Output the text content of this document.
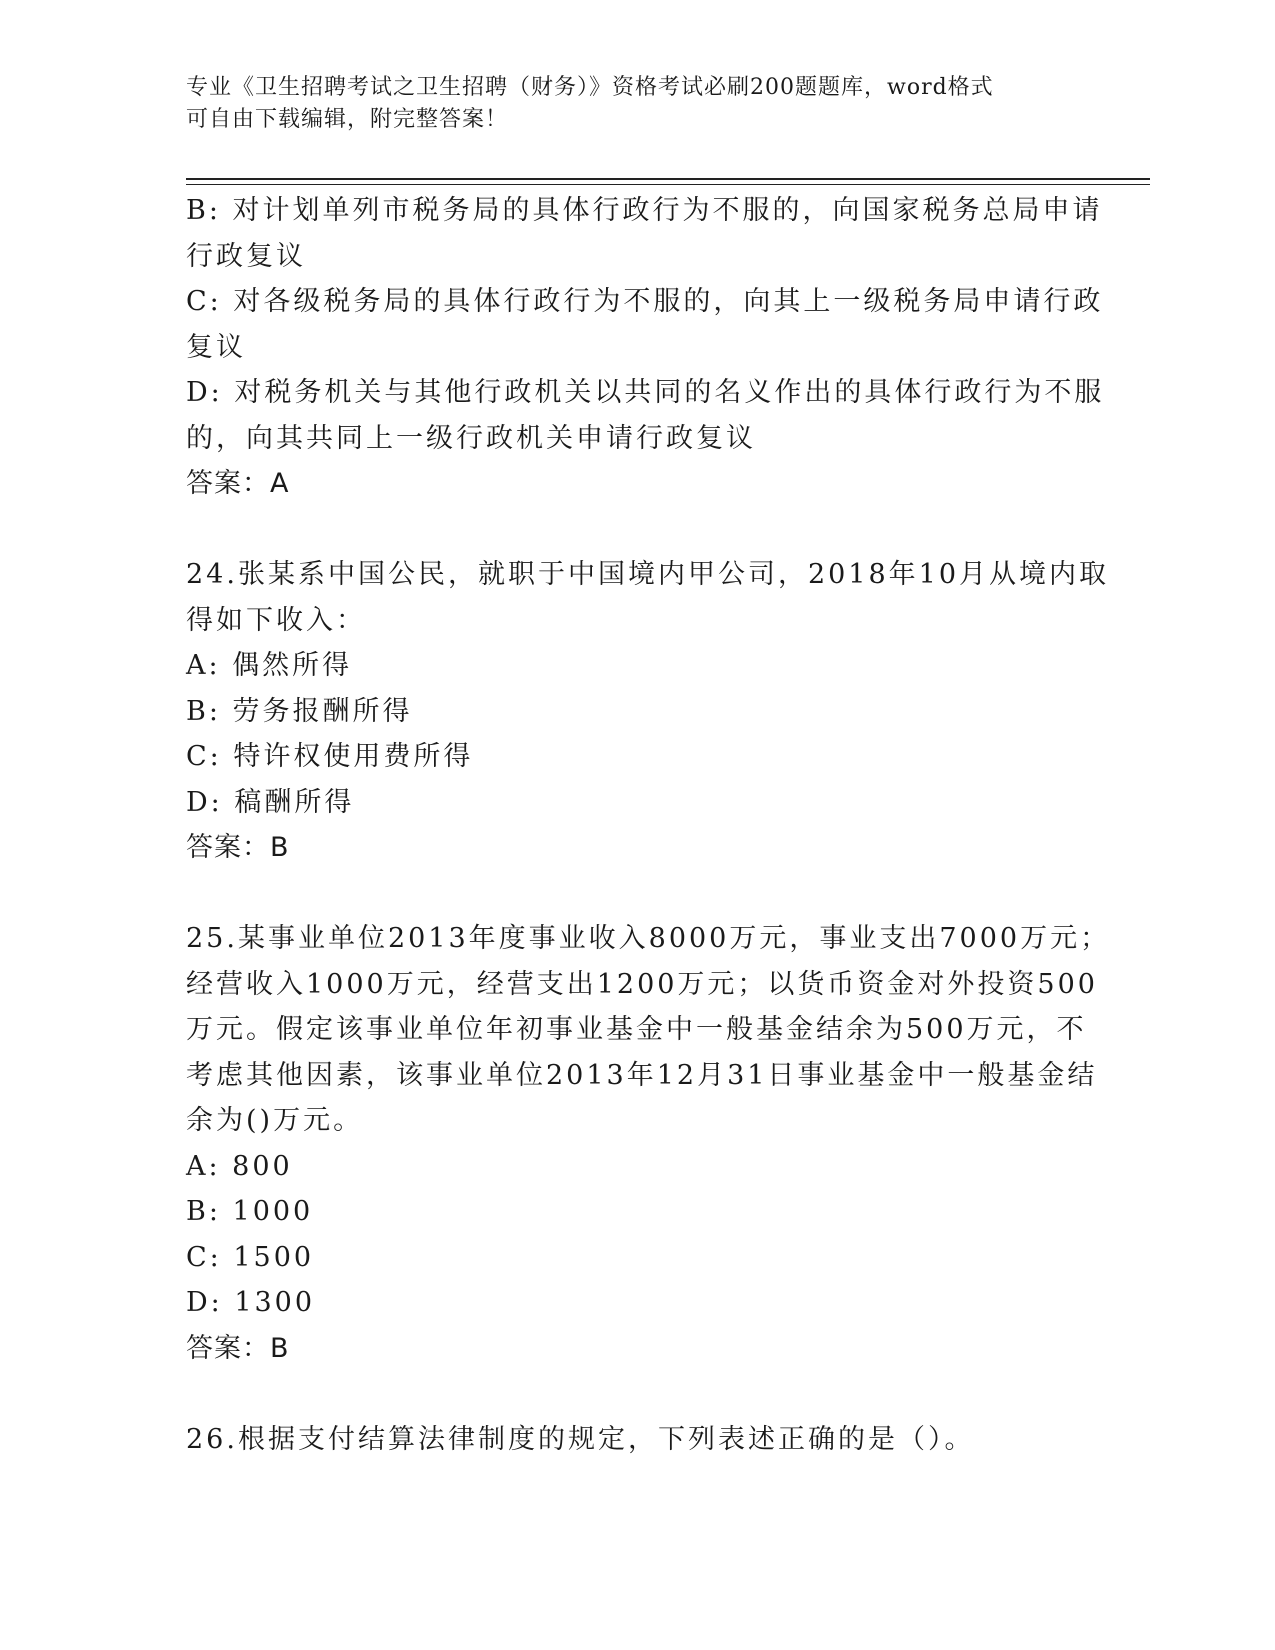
专业《卫生招聘考试之卫生招聘（财务）》资格考试必刷200题题库，word格式
可自由下载编辑，附完整答案！
B: 对计划单列市税务局的具体行政行为不服的，向国家税务总局申请
行政复议
C: 对各级税务局的具体行政行为不服的，向其上一级税务局申请行政
复议
D: 对税务机关与其他行政机关以共同的名义作出的具体行政行为不服
的，向其共同上一级行政机关申请行政复议
答案：A
24.张某系中国公民，就职于中国境内甲公司，2018年10月从境内取
得如下收入：
A: 偶然所得
B: 劳务报酬所得
C: 特许权使用费所得
D: 稿酬所得
答案：B
25.某事业单位2013年度事业收入8000万元，事业支出7000万元；
经营收入1000万元，经营支出1200万元；以货币资金对外投资500
万元。假定该事业单位年初事业基金中一般基金结余为500万元，不
考虑其他因素，该事业单位2013年12月31日事业基金中一般基金结
余为()万元。
A: 800
B: 1000
C: 1500
D: 1300
答案：B
26.根据支付结算法律制度的规定，下列表述正确的是（）。
